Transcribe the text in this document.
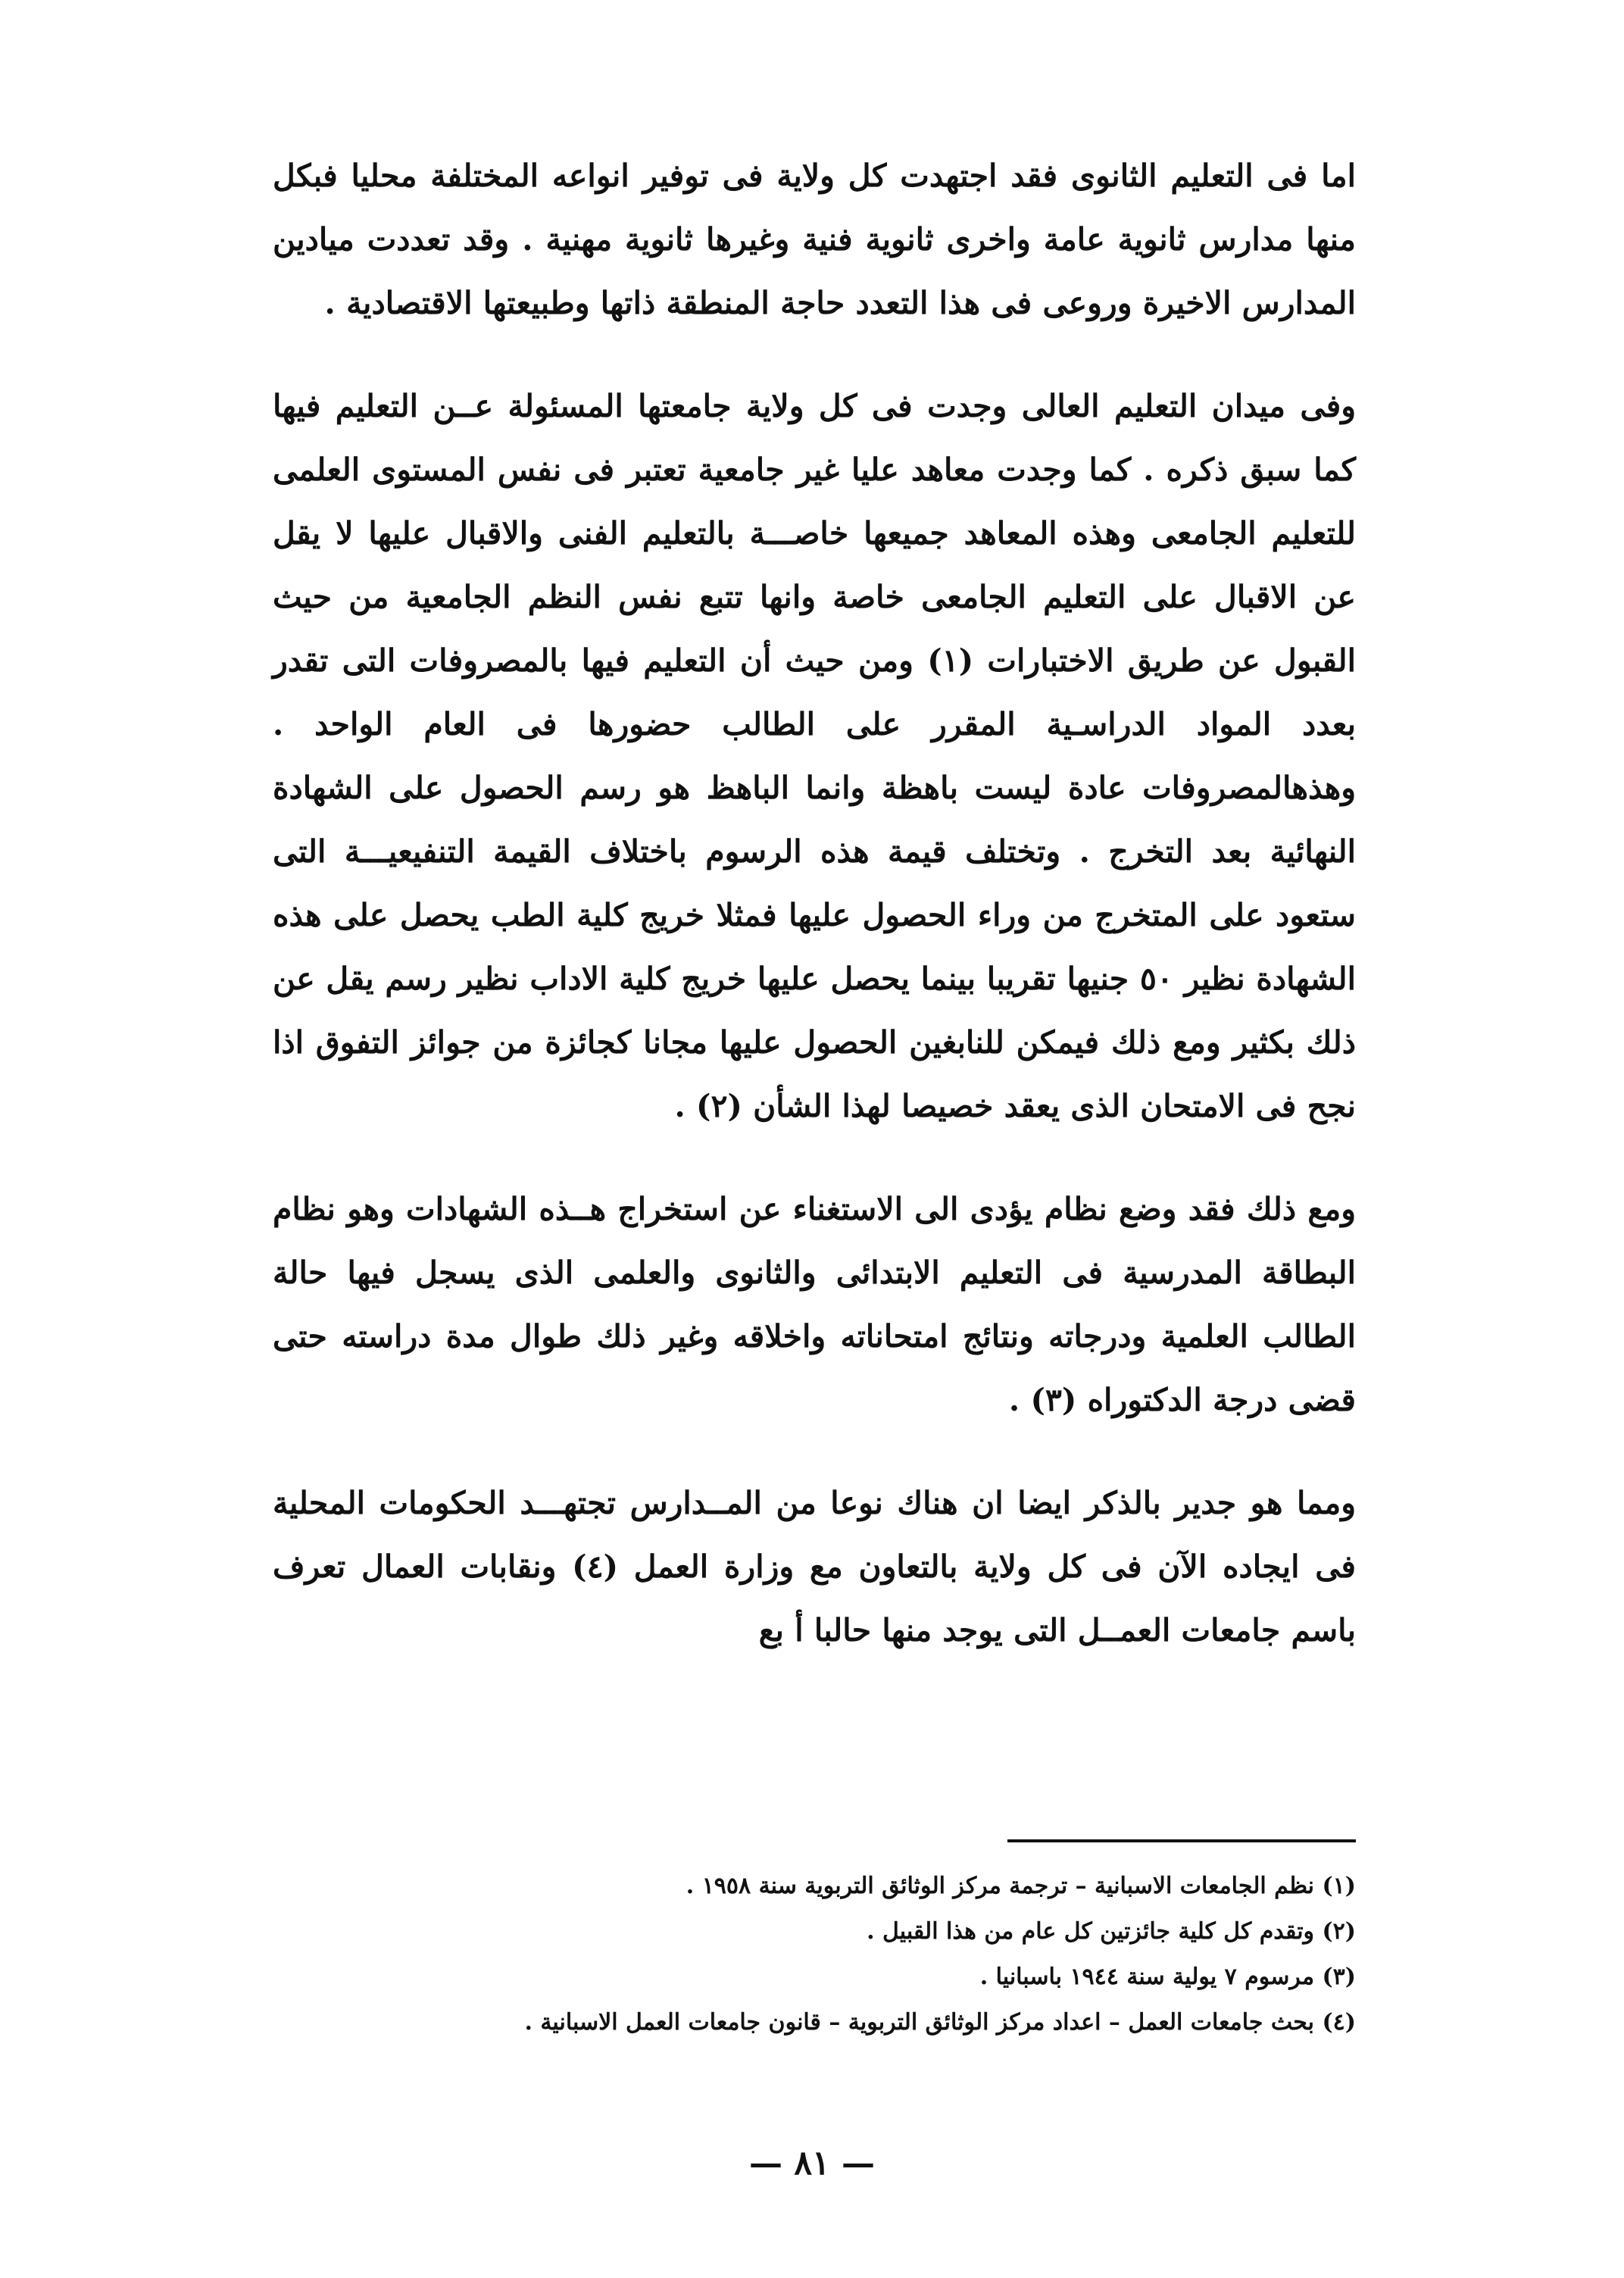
اما فى التعليم الثانوى فقد اجتهدت كل ولاية فى توفير انواعه المختلفة محليا فبكل منها مدارس ثانوية عامة واخرى ثانوية فنية وغيرها ثانوية مهنية . وقد تعددت ميادين المدارس الاخيرة وروعى فى هذا التعدد حاجة المنطقة ذاتها وطبيعتها الاقتصادية .

وفى ميدان التعليم العالى وجدت فى كل ولاية جامعتها المسئولة عــن التعليم فيها كما سبق ذكره . كما وجدت معاهد عليا غير جامعية تعتبر فى نفس المستوى العلمى للتعليم الجامعى وهذه المعاهد جميعها خاصـــة بالتعليم الفنى والاقبال عليها لا يقل عن الاقبال على التعليم الجامعى خاصة وانها تتبع نفس النظم الجامعية من حيث القبول عن طريق الاختبارات (١) ومن حيث أن التعليم فيها بالمصروفات التى تقدر بعدد المواد الدراسـية المقرر على الطالب حضورها فى العام الواحد . وهذهالمصروفات عادة ليست باهظة وانما الباهظ هو رسم الحصول على الشهادة النهائية بعد التخرج . وتختلف قيمة هذه الرسوم باختلاف القيمة التنفيعيـــة التى ستعود على المتخرج من وراء الحصول عليها فمثلا خريج كلية الطب يحصل على هذه الشهادة نظير ٥٠ جنيها تقريبا بينما يحصل عليها خريج كلية الاداب نظير رسم يقل عن ذلك بكثير ومع ذلك فيمكن للنابغين الحصول عليها مجانا كجائزة من جوائز التفوق اذا نجح فى الامتحان الذى يعقد خصيصا لهذا الشأن (٢) .

ومع ذلك فقد وضع نظام يؤدى الى الاستغناء عن استخراج هــذه الشهادات وهو نظام البطاقة المدرسية فى التعليم الابتدائى والثانوى والعلمى الذى يسجل فيها حالة الطالب العلمية ودرجاته ونتائج امتحاناته واخلاقه وغير ذلك طوال مدة دراسته حتى قضى درجة الدكتوراه (٣) .

ومما هو جدير بالذكر ايضا ان هناك نوعا من المــدارس تجتهـــد الحكومات المحلية فى ايجاده الآن فى كل ولاية بالتعاون مع وزارة العمل (٤) ونقابات العمال تعرف باسم جامعات العمــل التى يوجد منها حالبا أ بع

(١) نظم الجامعات الاسبانية – ترجمة مركز الوثائق التربوية سنة ١٩٥٨ .

(٢) وتقدم كل كلية جائزتين كل عام من هذا القبيل .

(٣) مرسوم ٧ يولية سنة ١٩٤٤ باسبانيا .

(٤) بحث جامعات العمل – اعداد مركز الوثائق التربوية – قانون جامعات العمل الاسبانية .

— ٨١ —
